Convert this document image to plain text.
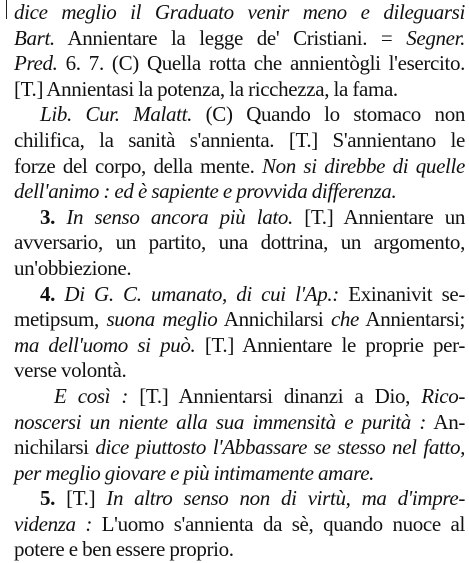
dice meglio il Graduato venir meno e dileguarsi
Bart. Annientare la legge de' Cristiani. = Segner.
Pred. 6. 7. (C) Quella rotta che annientògli l'esercito.
[T.] Annientasi la potenza, la ricchezza, la fama.
Lib. Cur. Malatt. (C) Quando lo stomaco non
chilifica, la sanità s'annienta. [T.] S'annientano le
forze del corpo, della mente. Non si direbbe di quelle
dell'animo : ed è sapiente e provvida differenza.
3. In senso ancora più lato. [T.] Annientare un
avversario, un partito, una dottrina, un argomento,
un'obbiezione.
4. Di G. C. umanato, di cui l'Ap.: Exinanivit se-
metipsum, suona meglio Annichilarsi che Annientarsi;
ma dell'uomo si può. [T.] Annientare le proprie per-
verse volontà.
E così : [T.] Annientarsi dinanzi a Dio, Rico-
noscersi un niente alla sua immensità e purità : An-
nichilarsi dice piuttosto l'Abbassare se stesso nel fatto,
per meglio giovare e più intimamente amare.
5. [T.] In altro senso non di virtù, ma d'impre-
videnza : L'uomo s'annienta da sè, quando nuoce al
potere e ben essere proprio.
